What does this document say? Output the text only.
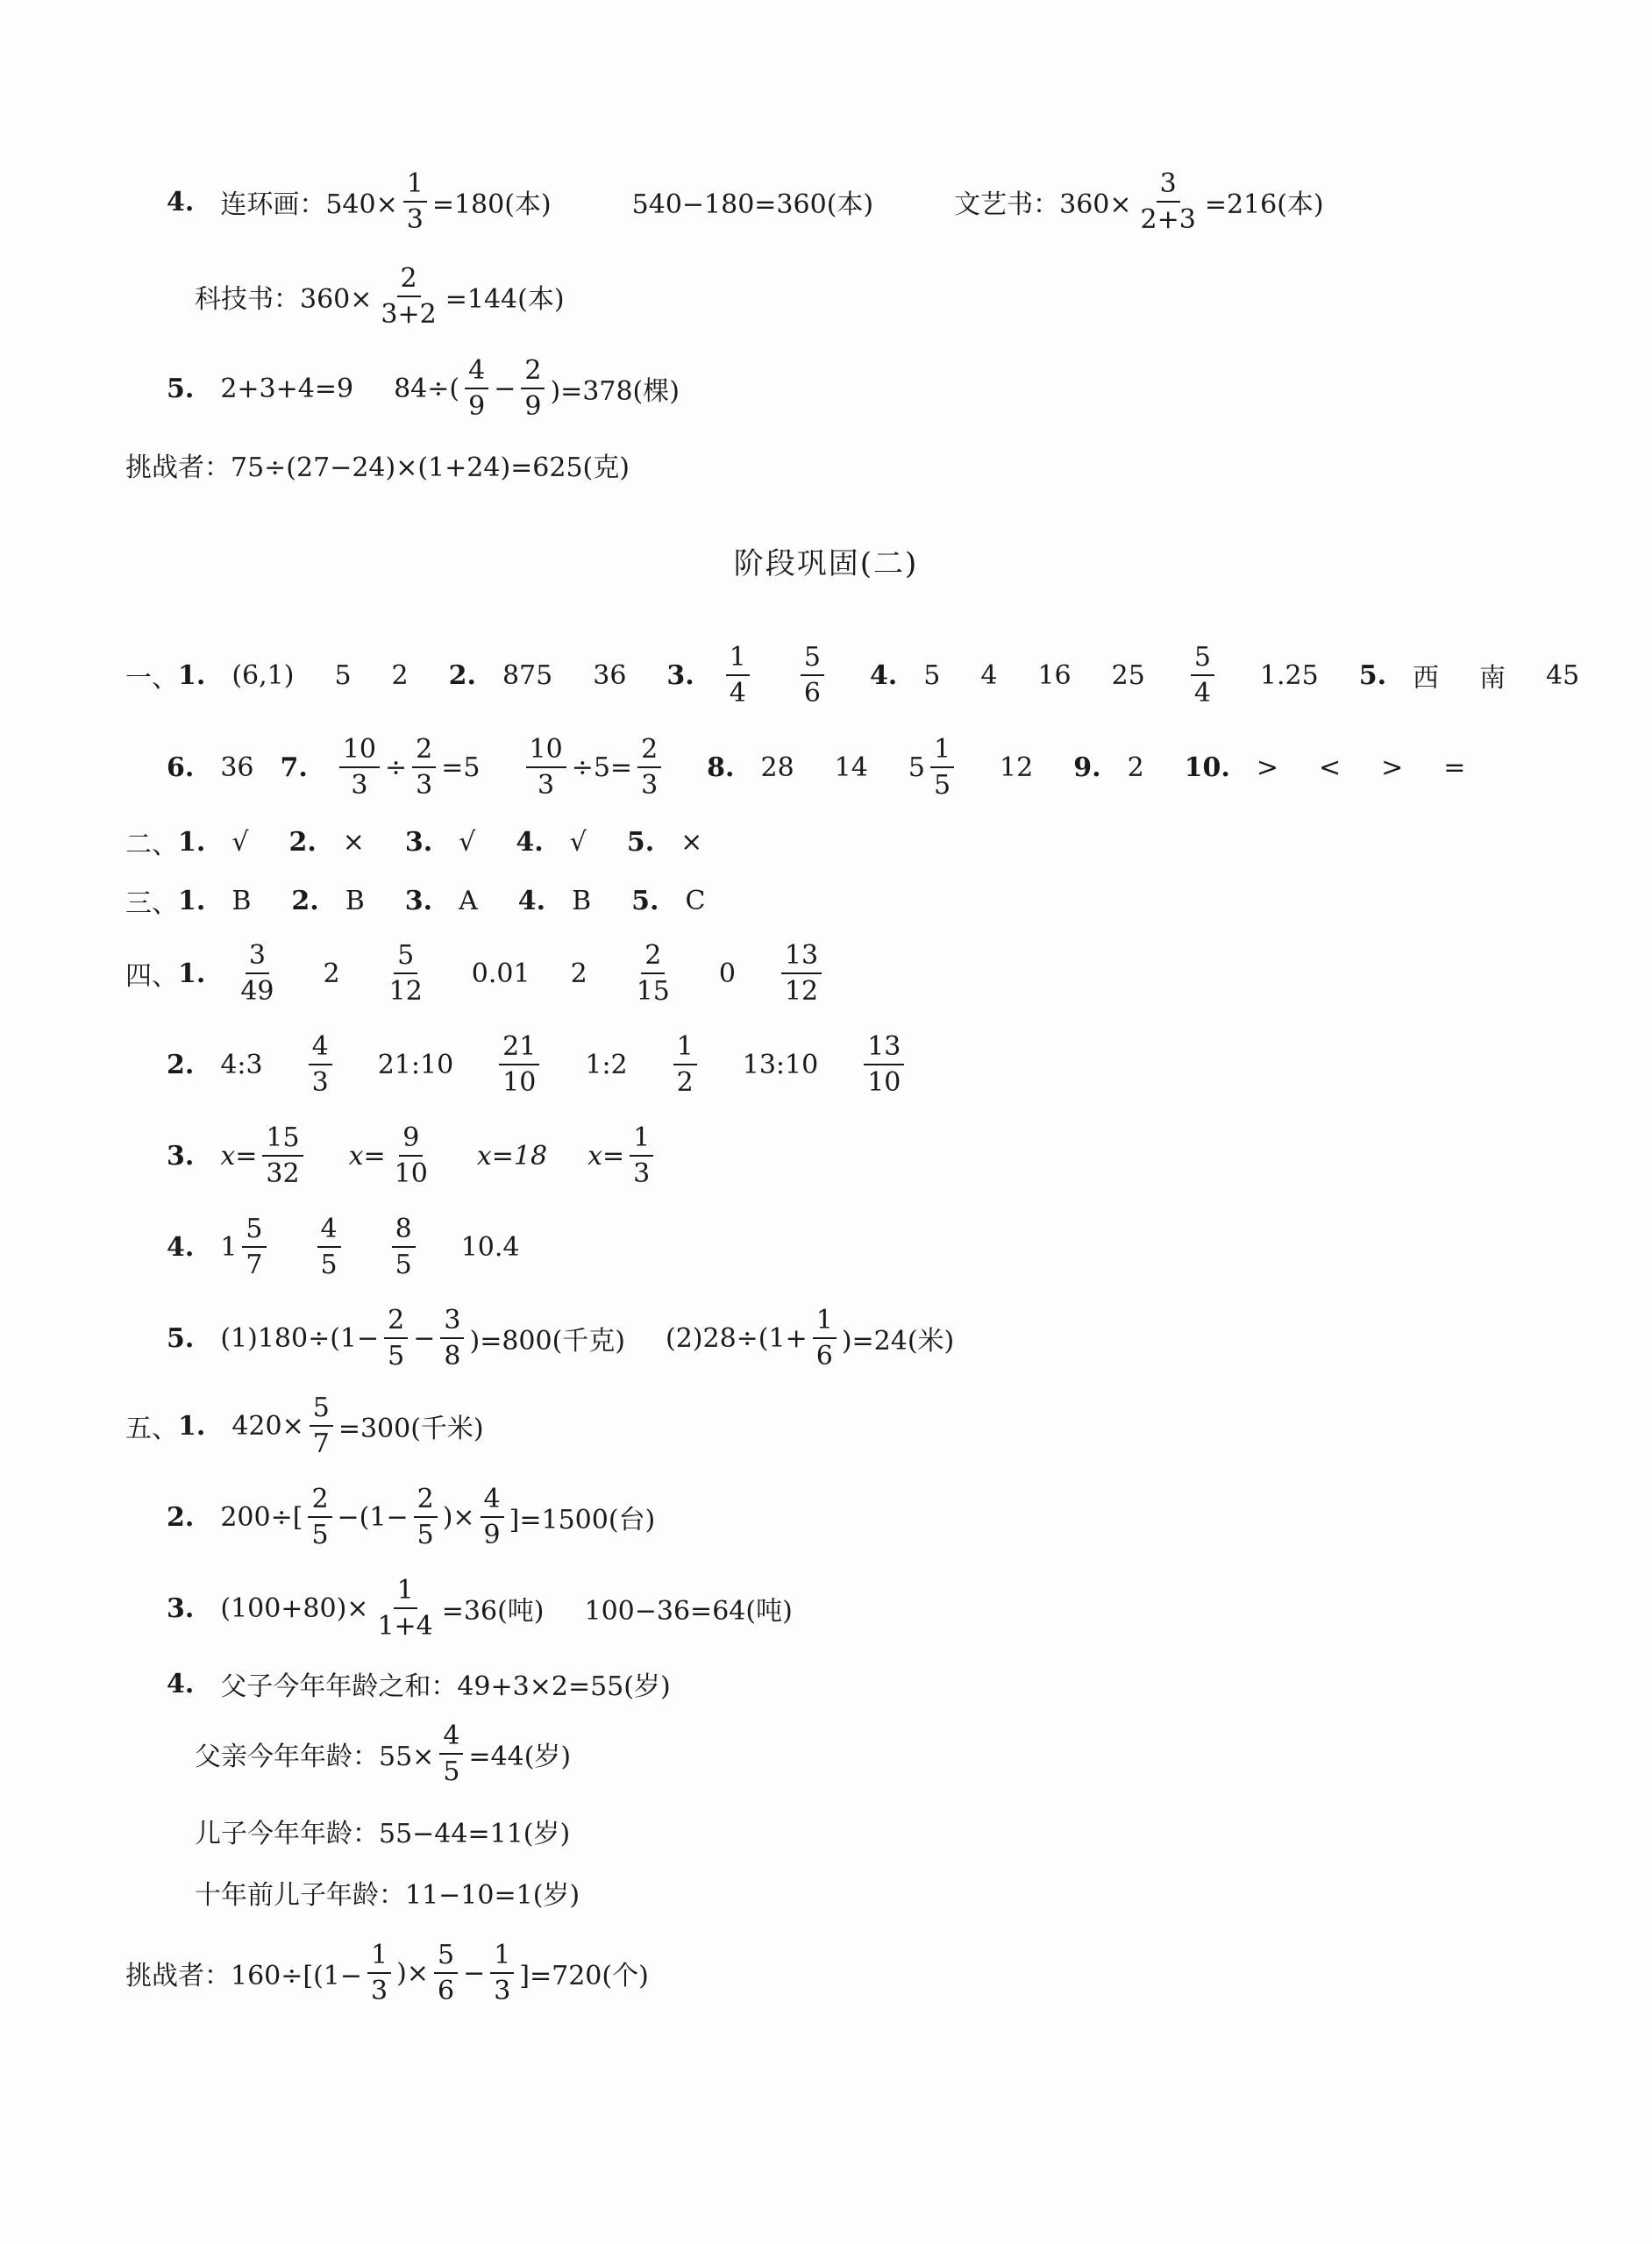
4. 连环画：$540\times \frac{1}{3} =180$(本)	540−180=360(本)	文艺书：$360\times \frac{3}{2+3} =216$(本)
科技书：$360\times \frac{2}{3+2} =144$(本)
5. 2+3+4=9 84÷(
4
9
− $\frac{2}{9} )=378$(棵)
挑战者：75÷(27−24)×(1+24)=625(克)
阶段巩固(二)
一、 1. (6,1) 5 2 2. 875 36 3.
1
4
5
6
4. 5 4 16 25
5
4
1.25 5. 西 南 45
6. 36 7. $\frac{10}{3} \div \frac{2}{3} =5 \frac{10}{3} \div 5= \frac{2}{3} 8$. 28 14 5
1
5
12 9. 2 10. > < > =
二、 1. √ 2. × 3. √ 4. √ 5. ×
三、 1. B 2. B 3. A 4. B 5. C
四、 1.
3
49
2
5
12
0.01 2
2
15
0
13
12
2. 4:3
4
3
21:10
21
10
1:2
1
2
13:10
13
10
3. $x= \frac{15}{32} x= \frac{9}{10} x=18$ $x= \frac{1}{3}$
4. 1
5
7
4
5
8
5
10.4
5. $(1)180\div(1- \frac{2}{5} - \frac{3}{8} )=800$(千克) $(2)28\div(1+ \frac{1}{6} )=24$(米)
五、 1. $420\times \frac{5}{7} =300$(千米)
2. 200÷[
2
5
$-(1- \frac{2}{5}$ )× $\frac{4}{9} ]=1500$(台)
3. $(100+80)\times \frac{1}{1+4} =36$(吨) 100−36=64(吨)
4. 父子今年年龄之和：49+3×2=55(岁)
父亲今年年龄：$55\times \frac{4}{5} =44$(岁)
儿子今年年龄：55−44=11(岁)
十年前儿子年龄：11−10=1(岁)
挑战者：$160\div[(1- \frac{1}{3}$ )× $\frac{5}{6} - \frac{1}{3} ]=720$(个)
